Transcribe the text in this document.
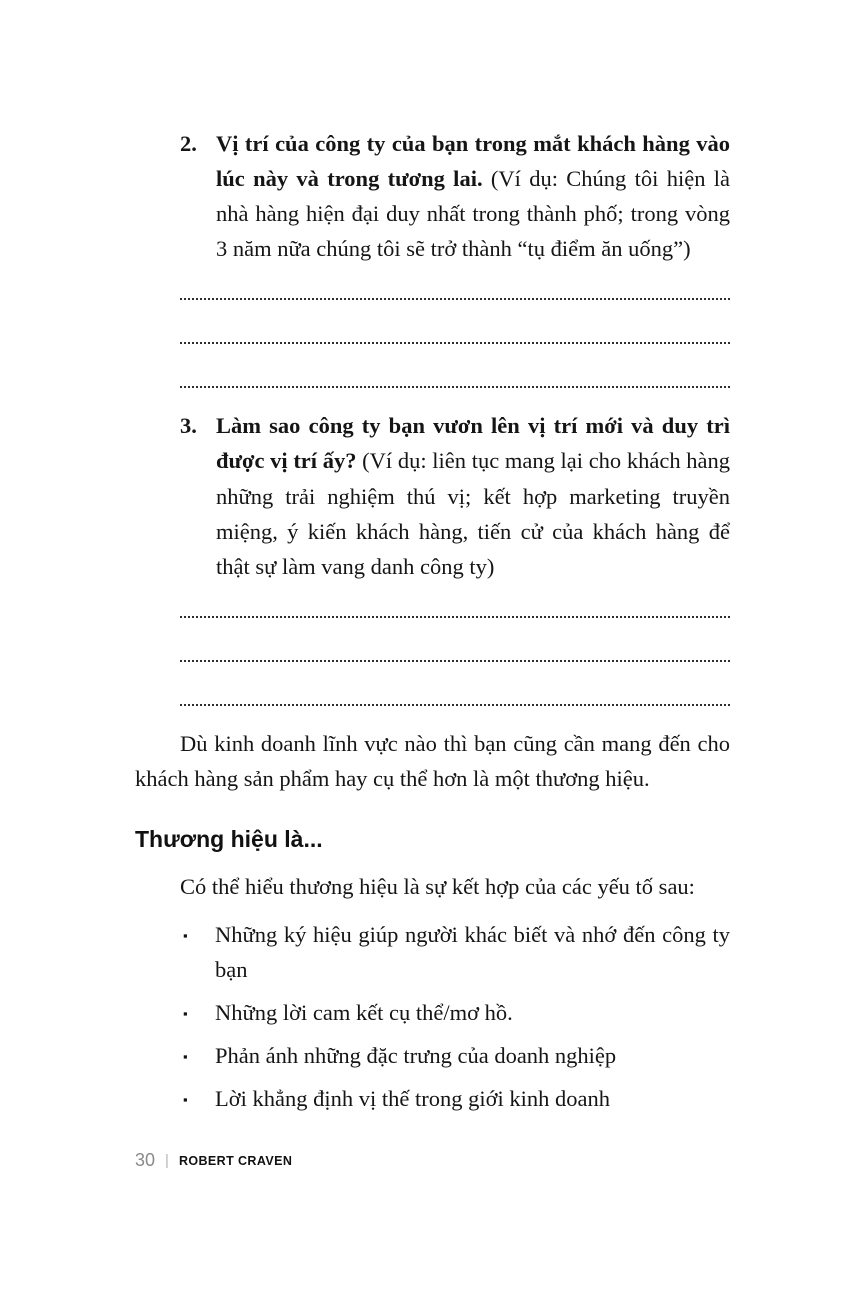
2. Vị trí của công ty của bạn trong mắt khách hàng vào lúc này và trong tương lai. (Ví dụ: Chúng tôi hiện là nhà hàng hiện đại duy nhất trong thành phố; trong vòng 3 năm nữa chúng tôi sẽ trở thành “tụ điểm ăn uống”)
3. Làm sao công ty bạn vươn lên vị trí mới và duy trì được vị trí ấy? (Ví dụ: liên tục mang lại cho khách hàng những trải nghiệm thú vị; kết hợp marketing truyền miệng, ý kiến khách hàng, tiến cử của khách hàng để thật sự làm vang danh công ty)

Dù kinh doanh lĩnh vực nào thì bạn cũng cần mang đến cho khách hàng sản phẩm hay cụ thể hơn là một thương hiệu.

Thương hiệu là...

Có thể hiểu thương hiệu là sự kết hợp của các yếu tố sau:

▪	Những ký hiệu giúp người khác biết và nhớ đến công ty bạn
▪	Những lời cam kết cụ thể/mơ hồ.
▪	Phản ánh những đặc trưng của doanh nghiệp
▪	Lời khẳng định vị thế trong giới kinh doanh
30 | ROBERT CRAVEN
